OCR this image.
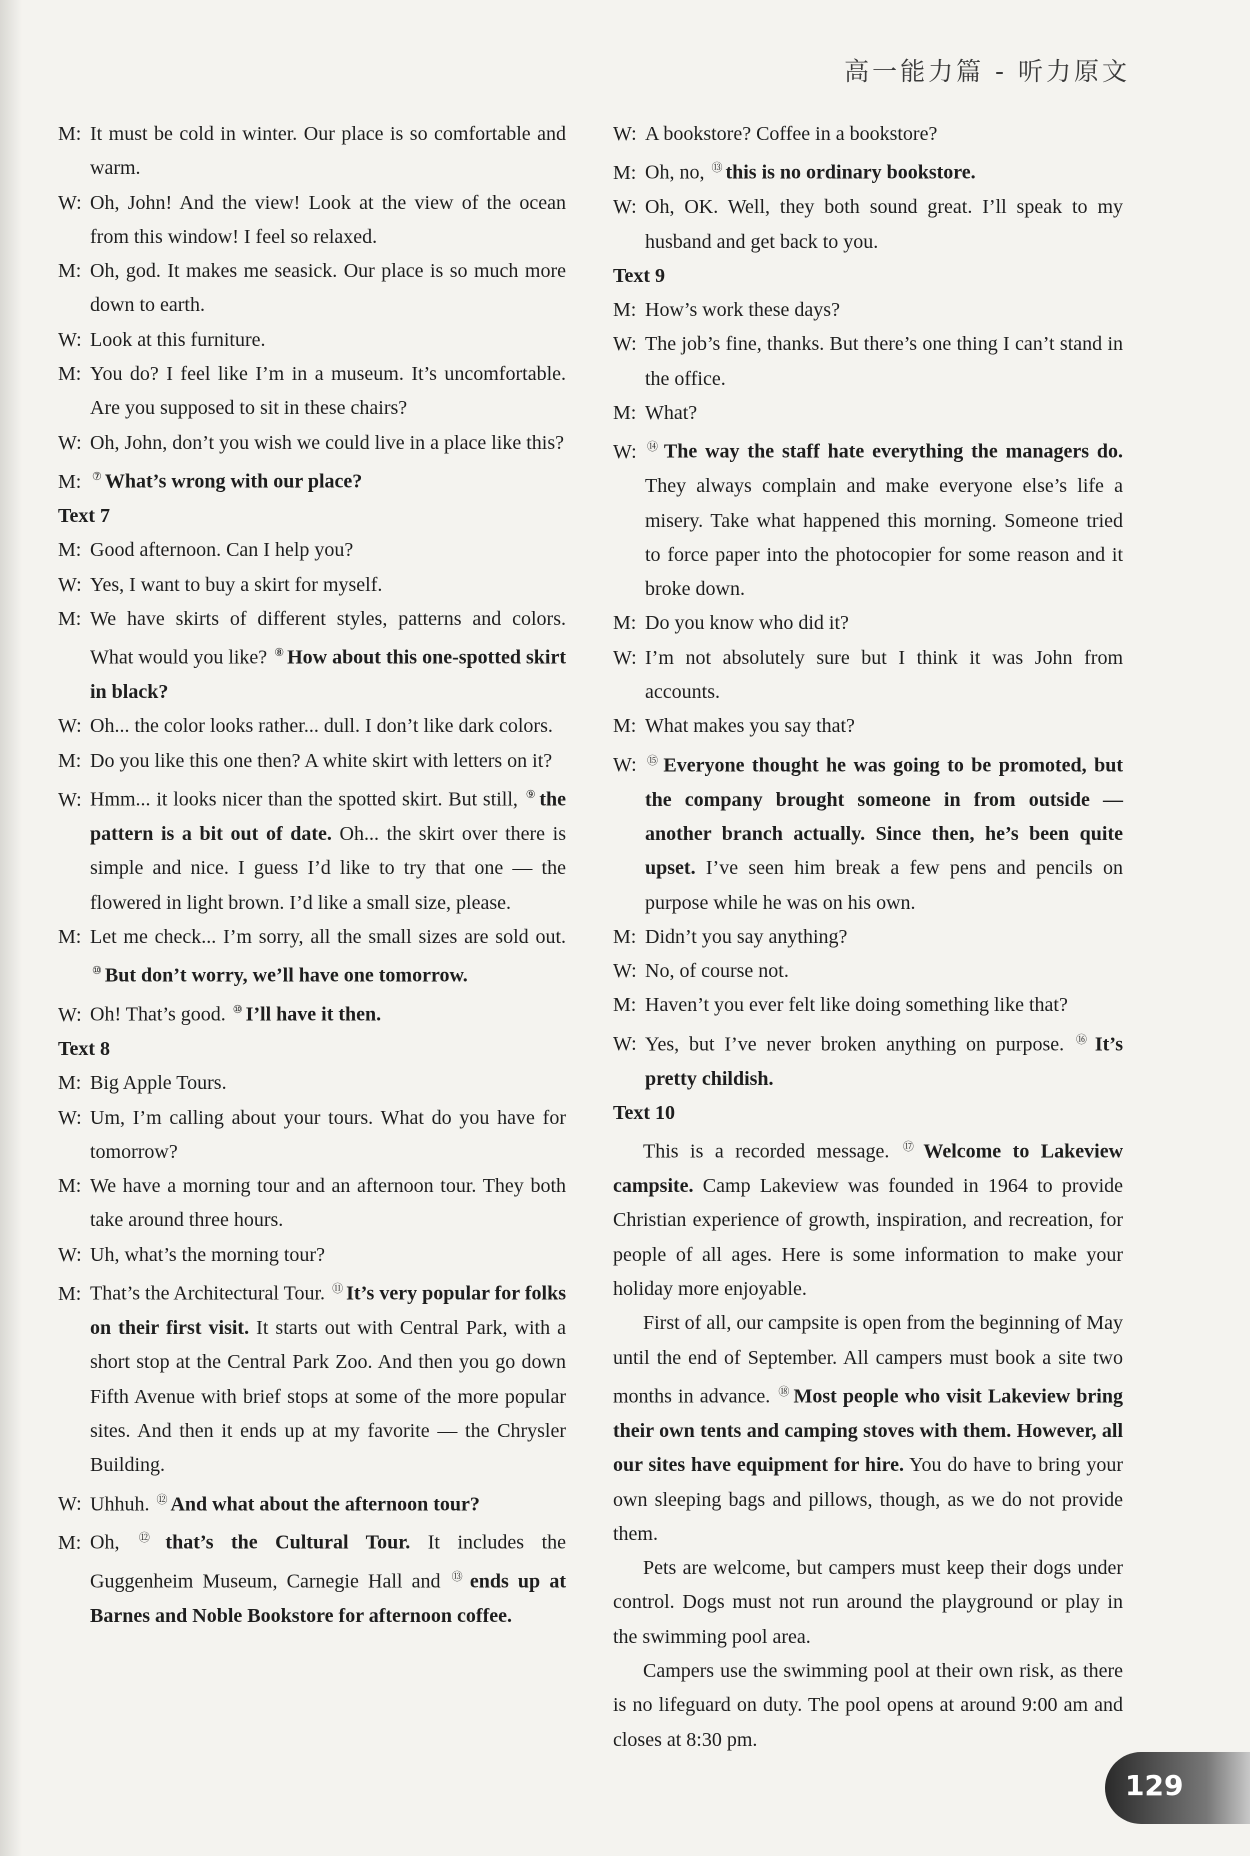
高一能力篇 - 听力原文
M: It must be cold in winter. Our place is so comfortable and warm.
W: Oh, John! And the view! Look at the view of the ocean from this window! I feel so relaxed.
M: Oh, god. It makes me seasick. Our place is so much more down to earth.
W: Look at this furniture.
M: You do? I feel like I’m in a museum. It’s uncomfortable. Are you supposed to sit in these chairs?
W: Oh, John, don’t you wish we could live in a place like this?
M: ⑦ What’s wrong with our place?
Text 7
M: Good afternoon. Can I help you?
W: Yes, I want to buy a skirt for myself.
M: We have skirts of different styles, patterns and colors. What would you like? ⑧ How about this one-spotted skirt in black?
W: Oh... the color looks rather... dull. I don’t like dark colors.
M: Do you like this one then? A white skirt with letters on it?
W: Hmm... it looks nicer than the spotted skirt. But still, ⑨ the pattern is a bit out of date. Oh... the skirt over there is simple and nice. I guess I’d like to try that one — the flowered in light brown. I’d like a small size, please.
M: Let me check... I’m sorry, all the small sizes are sold out. ⑩ But don’t worry, we’ll have one tomorrow.
W: Oh! That’s good. ⑩ I’ll have it then.
Text 8
M: Big Apple Tours.
W: Um, I’m calling about your tours. What do you have for tomorrow?
M: We have a morning tour and an afternoon tour. They both take around three hours.
W: Uh, what’s the morning tour?
M: That’s the Architectural Tour. ⑪ It’s very popular for folks on their first visit. It starts out with Central Park, with a short stop at the Central Park Zoo. And then you go down Fifth Avenue with brief stops at some of the more popular sites. And then it ends up at my favorite — the Chrysler Building.
W: Uhhuh. ⑫ And what about the afternoon tour?
M: Oh, ⑫ that’s the Cultural Tour. It includes the Guggenheim Museum, Carnegie Hall and ⑬ ends up at Barnes and Noble Bookstore for afternoon coffee.
W: A bookstore? Coffee in a bookstore?
M: Oh, no, ⑬ this is no ordinary bookstore.
W: Oh, OK. Well, they both sound great. I’ll speak to my husband and get back to you.
Text 9
M: How’s work these days?
W: The job’s fine, thanks. But there’s one thing I can’t stand in the office.
M: What?
W: ⑭ The way the staff hate everything the managers do. They always complain and make everyone else’s life a misery. Take what happened this morning. Someone tried to force paper into the photocopier for some reason and it broke down.
M: Do you know who did it?
W: I’m not absolutely sure but I think it was John from accounts.
M: What makes you say that?
W: ⑮ Everyone thought he was going to be promoted, but the company brought someone in from outside — another branch actually. Since then, he’s been quite upset. I’ve seen him break a few pens and pencils on purpose while he was on his own.
M: Didn’t you say anything?
W: No, of course not.
M: Haven’t you ever felt like doing something like that?
W: Yes, but I’ve never broken anything on purpose. ⑯ It’s pretty childish.
Text 10
This is a recorded message. ⑰ Welcome to Lakeview campsite. Camp Lakeview was founded in 1964 to provide Christian experience of growth, inspiration, and recreation, for people of all ages. Here is some information to make your holiday more enjoyable.
First of all, our campsite is open from the beginning of May until the end of September. All campers must book a site two months in advance. ⑱ Most people who visit Lakeview bring their own tents and camping stoves with them. However, all our sites have equipment for hire. You do have to bring your own sleeping bags and pillows, though, as we do not provide them.
Pets are welcome, but campers must keep their dogs under control. Dogs must not run around the playground or play in the swimming pool area.
Campers use the swimming pool at their own risk, as there is no lifeguard on duty. The pool opens at around 9:00 am and closes at 8:30 pm.
129
